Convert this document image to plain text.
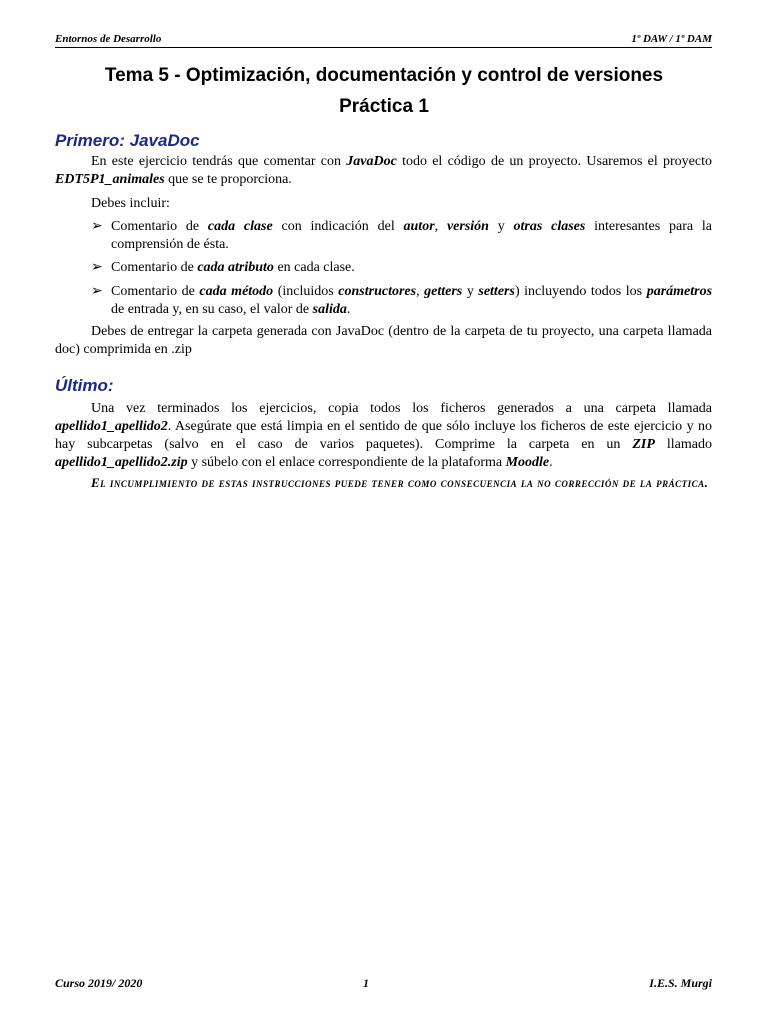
Entornos de Desarrollo	1º DAW / 1º DAM
Tema 5 - Optimización, documentación y control de versiones
Práctica 1
Primero: JavaDoc
En este ejercicio tendrás que comentar con JavaDoc todo el código de un proyecto. Usaremos el proyecto EDT5P1_animales que se te proporciona.
Debes incluir:
➢ Comentario de cada clase con indicación del autor, versión y otras clases interesantes para la comprensión de ésta.
➢ Comentario de cada atributo en cada clase.
➢ Comentario de cada método (incluidos constructores, getters y setters) incluyendo todos los parámetros de entrada y, en su caso, el valor de salida.
Debes de entregar la carpeta generada con JavaDoc (dentro de la carpeta de tu proyecto, una carpeta llamada doc) comprimida en .zip
Último:
Una vez terminados los ejercicios, copia todos los ficheros generados a una carpeta llamada apellido1_apellido2. Asegúrate que está limpia en el sentido de que sólo incluye los ficheros de este ejercicio y no hay subcarpetas (salvo en el caso de varios paquetes). Comprime la carpeta en un ZIP llamado apellido1_apellido2.zip y súbelo con el enlace correspondiente de la plataforma Moodle.
El incumplimiento de estas instrucciones puede tener como consecuencia la no corrección de la práctica.
Curso 2019/ 2020	1	I.E.S. Murgi
